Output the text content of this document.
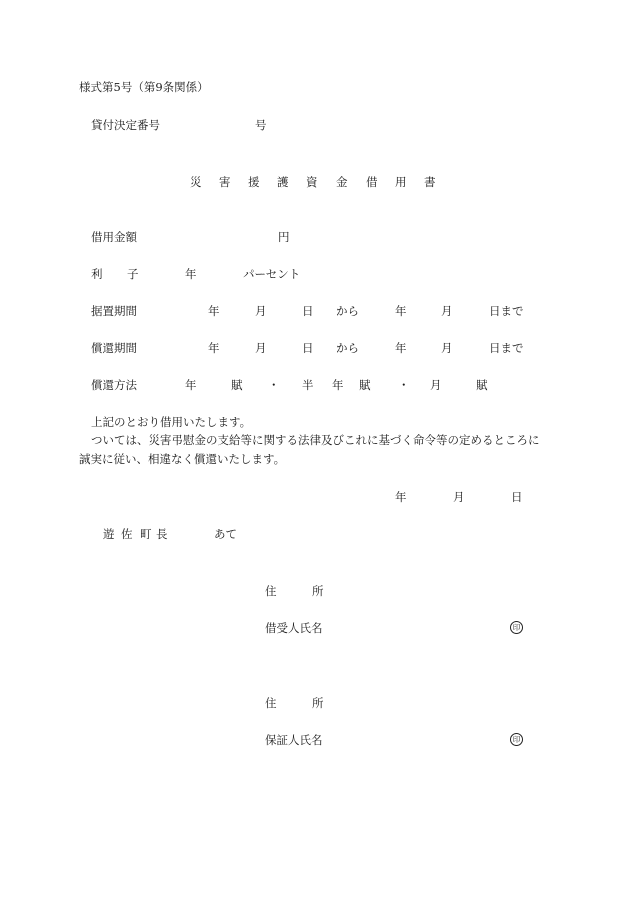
様式第5号（第9条関係）
貸付決定番号	号
災 害 援 護 資 金 借 用 書
借用金額	円
利 子	年	パーセント
据置期間	年	月	日 から	年	月	日まで
償還期間	年	月	日 から	年	月	日まで
償還方法	年	賦 ・ 半 年 賦 ・ 月	賦
上記のとおり借用いたします。
ついては、災害弔慰金の支給等に関する法律及びこれに基づく命令等の定めるところに
誠実に従い、相違なく償還いたします。
年	月	日
遊 佐 町 長	あて
住	所
借受人氏名	印
住	所
保証人氏名	印
